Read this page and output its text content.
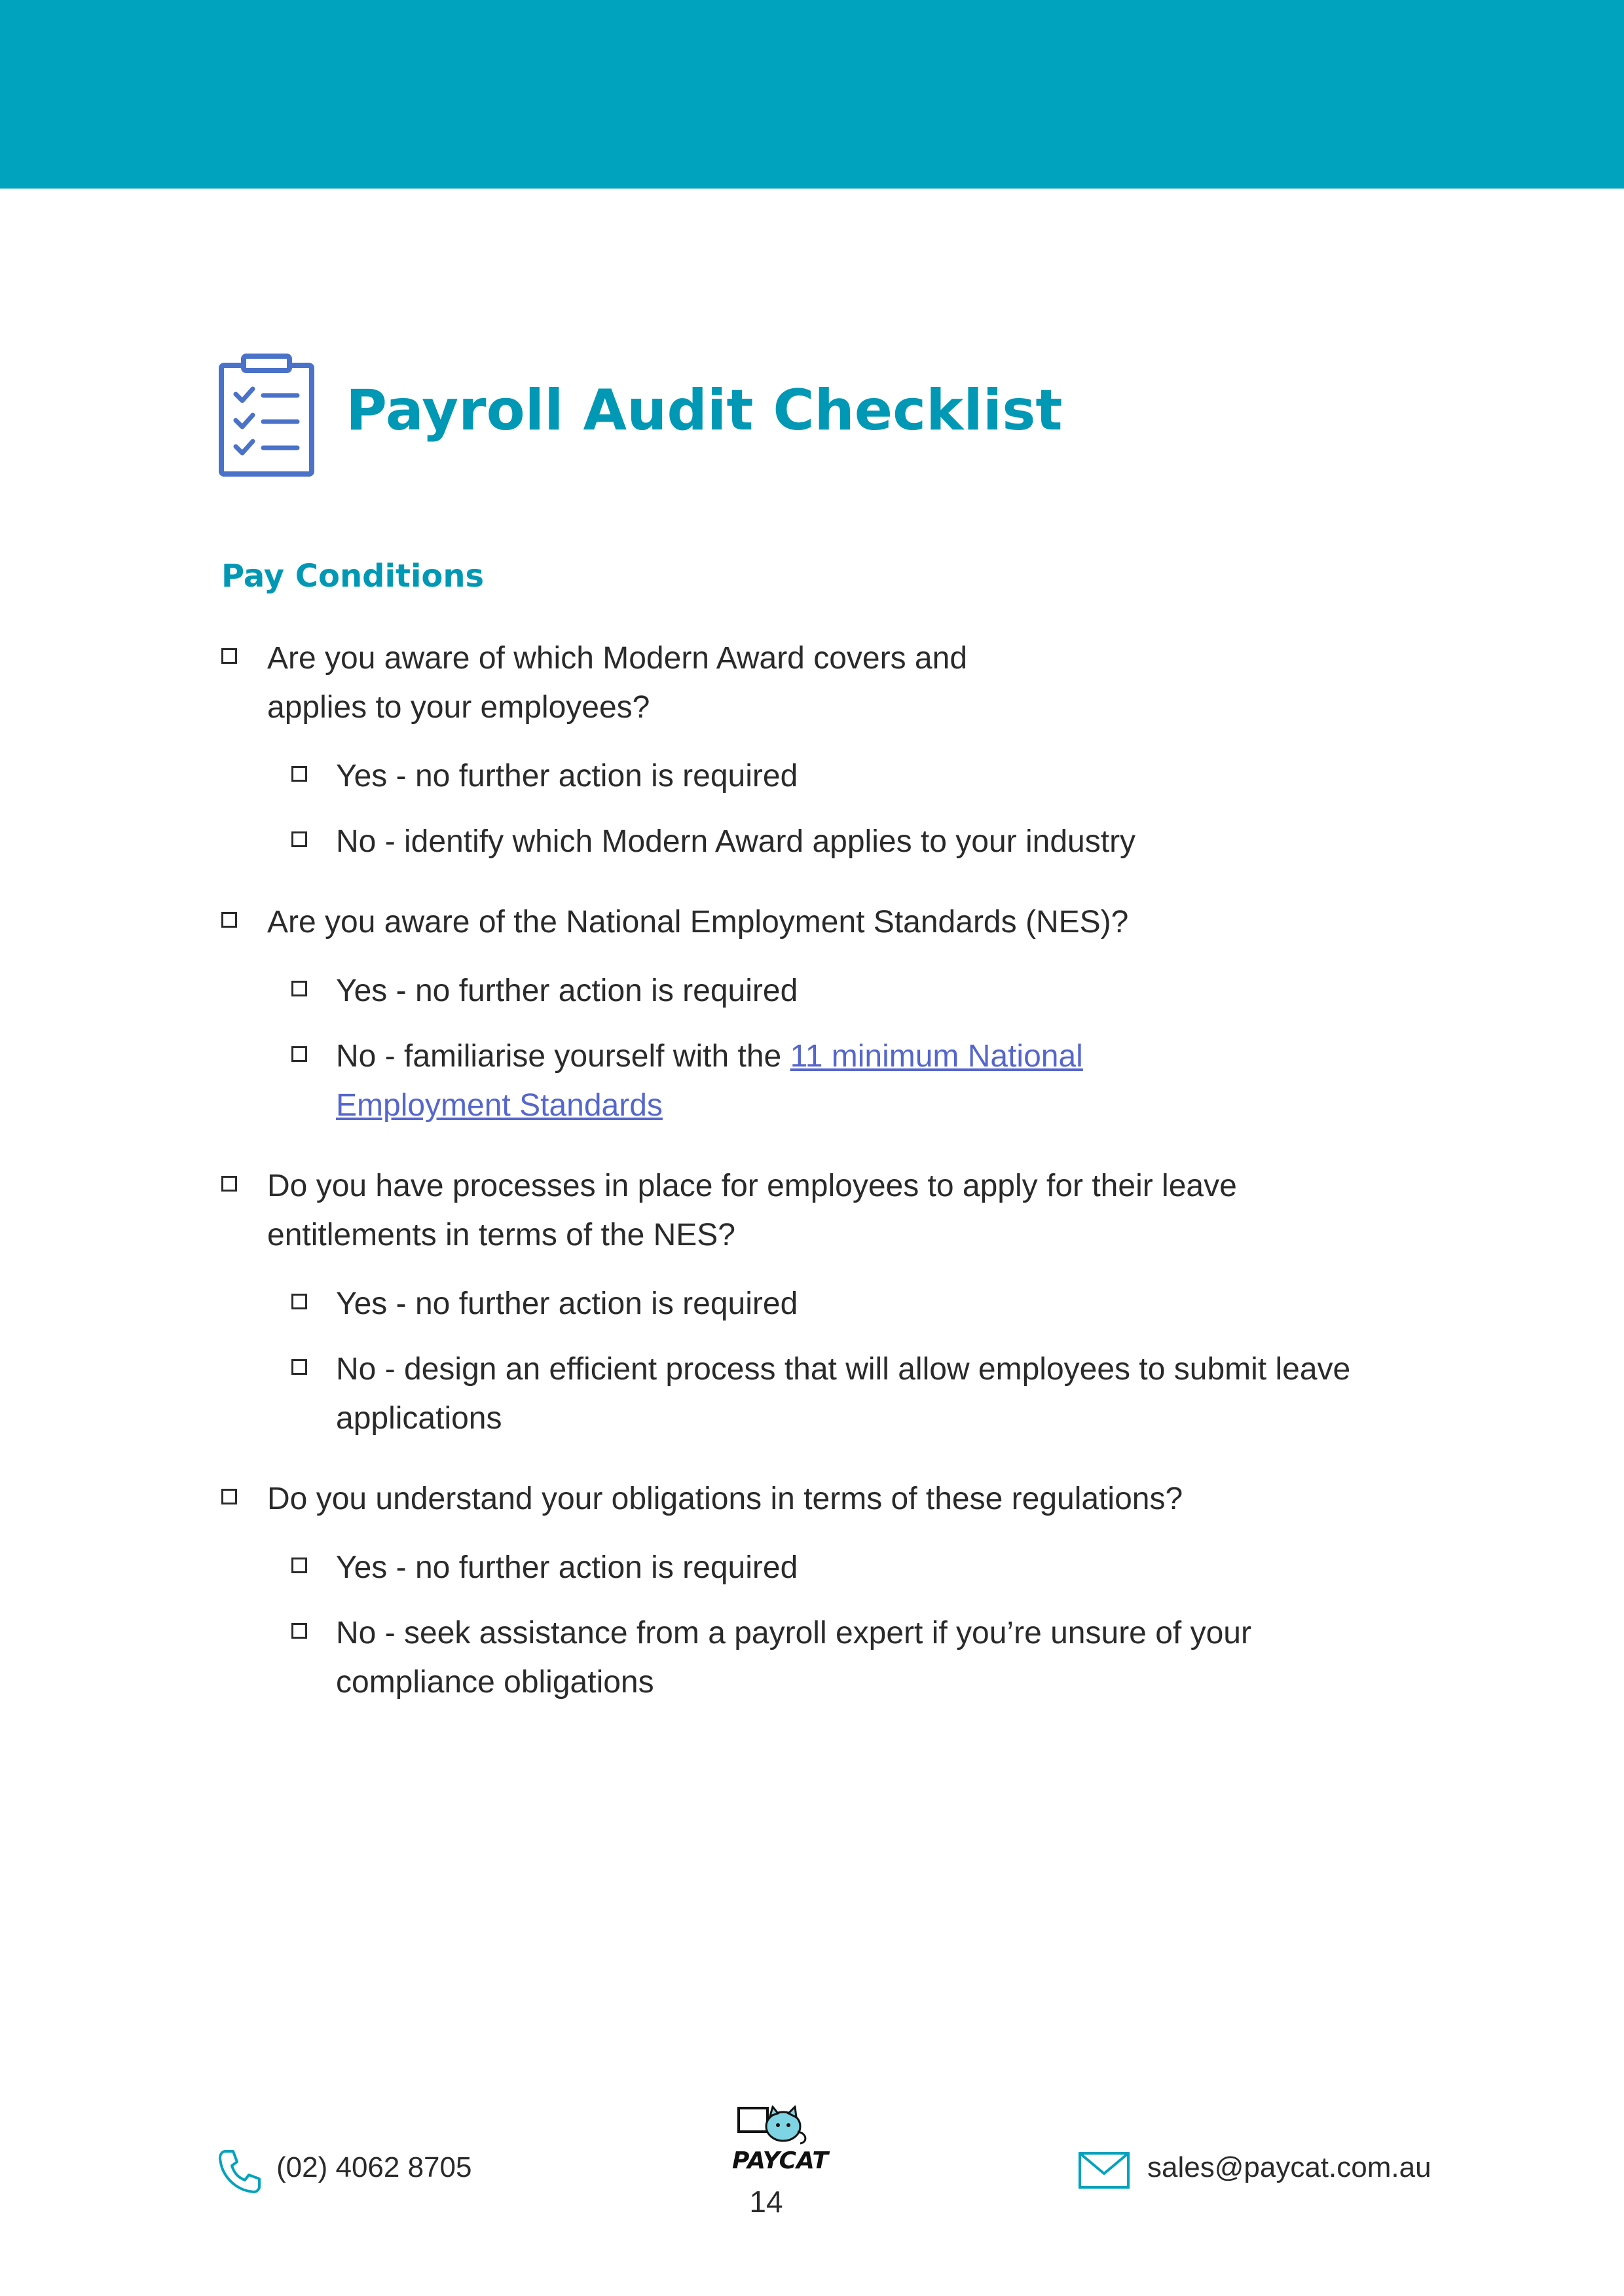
Payroll Audit Checklist
Pay Conditions
Are you aware of which Modern Award covers and
applies to your employees?
Yes - no further action is required
No - identify which Modern Award applies to your industry
Are you aware of the National Employment Standards (NES)?
Yes - no further action is required
No - familiarise yourself with the 11 minimum National
Employment Standards
Do you have processes in place for employees to apply for their leave
entitlements in terms of the NES?
Yes - no further action is required
No - design an efficient process that will allow employees to submit leave
applications
Do you understand your obligations in terms of these regulations?
Yes - no further action is required
No - seek assistance from a payroll expert if you’re unsure of your
compliance obligations
(02) 4062 8705	PAYCAT
14
sales@paycat.com.au
